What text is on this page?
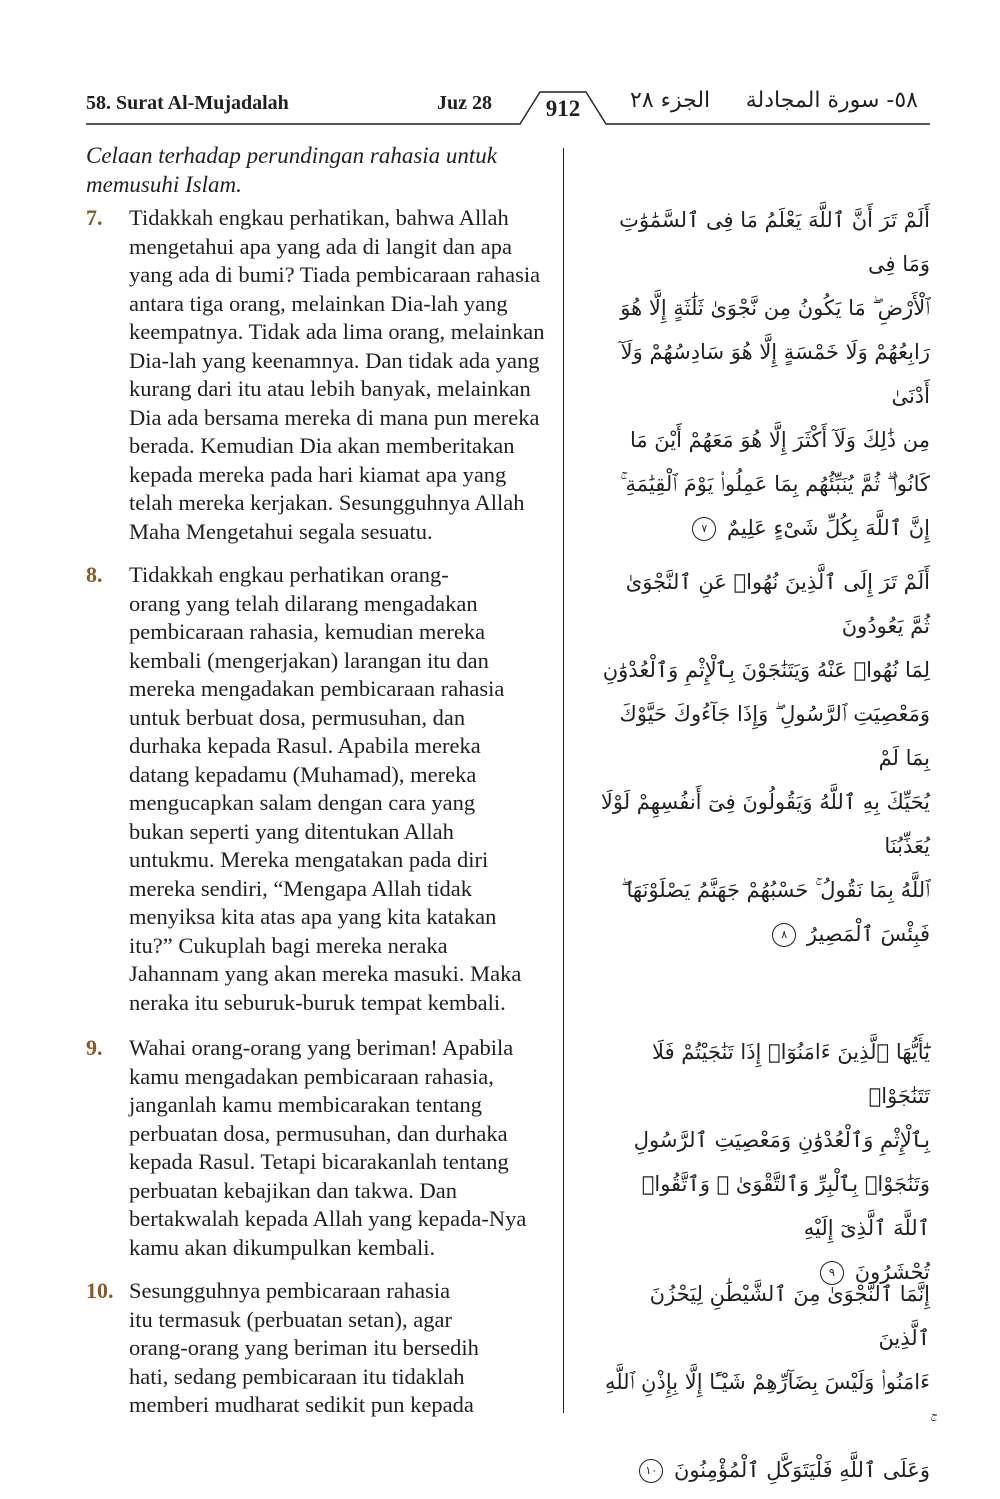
58. Surat Al-Mujadalah	Juz 28	912	الجزء ٢٨ ٥٨- سورة المجادلة
Celaan terhadap perundingan rahasia untuk memusuhi Islam.
7. Tidakkah engkau perhatikan, bahwa Allah
mengetahui apa yang ada di langit dan apa
yang ada di bumi? Tiada pembicaraan rahasia
antara tiga orang, melainkan Dia-lah yang
keempatnya. Tidak ada lima orang, melainkan
Dia-lah yang keenamnya. Dan tidak ada yang
kurang dari itu atau lebih banyak, melainkan
Dia ada bersama mereka di mana pun mereka
berada. Kemudian Dia akan memberitakan
kepada mereka pada hari kiamat apa yang
telah mereka kerjakan. Sesungguhnya Allah
Maha Mengetahui segala sesuatu.
أَلَمْ تَرَ أَنَّ ٱللَّهَ يَعْلَمُ مَا فِى ٱلسَّمَٰوَٰتِ وَمَا فِى
ٱلْأَرْضِ ۖ مَا يَكُونُ مِن نَّجْوَىٰ ثَلَٰثَةٍ إِلَّا هُوَ
رَابِعُهُمْ وَلَا خَمْسَةٍ إِلَّا هُوَ سَادِسُهُمْ وَلَآ أَدْنَىٰ
مِن ذَٰلِكَ وَلَآ أَكْثَرَ إِلَّا هُوَ مَعَهُمْ أَيْنَ مَا
كَانُوا۟ ۖ ثُمَّ يُنَبِّئُهُم بِمَا عَمِلُوا۟ يَوْمَ ٱلْقِيَٰمَةِ ۚ
إِنَّ ٱللَّهَ بِكُلِّ شَىْءٍ عَلِيمٌ ٧
8. Tidakkah engkau perhatikan orang-
orang yang telah dilarang mengadakan
pembicaraan rahasia, kemudian mereka
kembali (mengerjakan) larangan itu dan
mereka mengadakan pembicaraan rahasia
untuk berbuat dosa, permusuhan, dan
durhaka kepada Rasul. Apabila mereka
datang kepadamu (Muhamad), mereka
mengucapkan salam dengan cara yang
bukan seperti yang ditentukan Allah
untukmu. Mereka mengatakan pada diri
mereka sendiri, “Mengapa Allah tidak
menyiksa kita atas apa yang kita katakan
itu?” Cukuplah bagi mereka neraka
Jahannam yang akan mereka masuki. Maka
neraka itu seburuk-buruk tempat kembali.
أَلَمْ تَرَ إِلَى ٱلَّذِينَ نُهُوا۟ عَنِ ٱلنَّجْوَىٰ ثُمَّ يَعُودُونَ
لِمَا نُهُوا۟ عَنْهُ وَيَتَنَٰجَوْنَ بِٱلْإِثْمِ وَٱلْعُدْوَٰنِ
وَمَعْصِيَتِ ٱلرَّسُولِ ۖ وَإِذَا جَآءُوكَ حَيَّوْكَ بِمَا لَمْ
يُحَيِّكَ بِهِ ٱللَّهُ وَيَقُولُونَ فِىٓ أَنفُسِهِمْ لَوْلَا يُعَذِّبُنَا
ٱللَّهُ بِمَا نَقُولُ ۚ حَسْبُهُمْ جَهَنَّمُ يَصْلَوْنَهَا ۖ
فَبِئْسَ ٱلْمَصِيرُ ٨
9. Wahai orang-orang yang beriman! Apabila
kamu mengadakan pembicaraan rahasia,
janganlah kamu membicarakan tentang
perbuatan dosa, permusuhan, dan durhaka
kepada Rasul. Tetapi bicarakanlah tentang
perbuatan kebajikan dan takwa. Dan
bertakwalah kepada Allah yang kepada-Nya
kamu akan dikumpulkan kembali.
يَٰٓأَيُّهَا ٱلَّذِينَ ءَامَنُوٓا۟ إِذَا تَنَٰجَيْتُمْ فَلَا تَتَنَٰجَوْا۟
بِٱلْإِثْمِ وَٱلْعُدْوَٰنِ وَمَعْصِيَتِ ٱلرَّسُولِ
وَتَنَٰجَوْا۟ بِٱلْبِرِّ وَٱلتَّقْوَىٰ ۖ وَٱتَّقُوا۟ ٱللَّهَ ٱلَّذِىٓ إِلَيْهِ
تُحْشَرُونَ ٩
10. Sesungguhnya pembicaraan rahasia
itu termasuk (perbuatan setan), agar
orang-orang yang beriman itu bersedih
hati, sedang pembicaraan itu tidaklah
memberi mudharat sedikit pun kepada
إِنَّمَا ٱلنَّجْوَىٰ مِنَ ٱلشَّيْطَٰنِ لِيَحْزُنَ ٱلَّذِينَ
ءَامَنُوا۟ وَلَيْسَ بِضَآرِّهِمْ شَيْـًٔا إِلَّا بِإِذْنِ ٱللَّهِ
وَعَلَى ٱللَّهِ فَلْيَتَوَكَّلِ ٱلْمُؤْمِنُونَ ١٠
